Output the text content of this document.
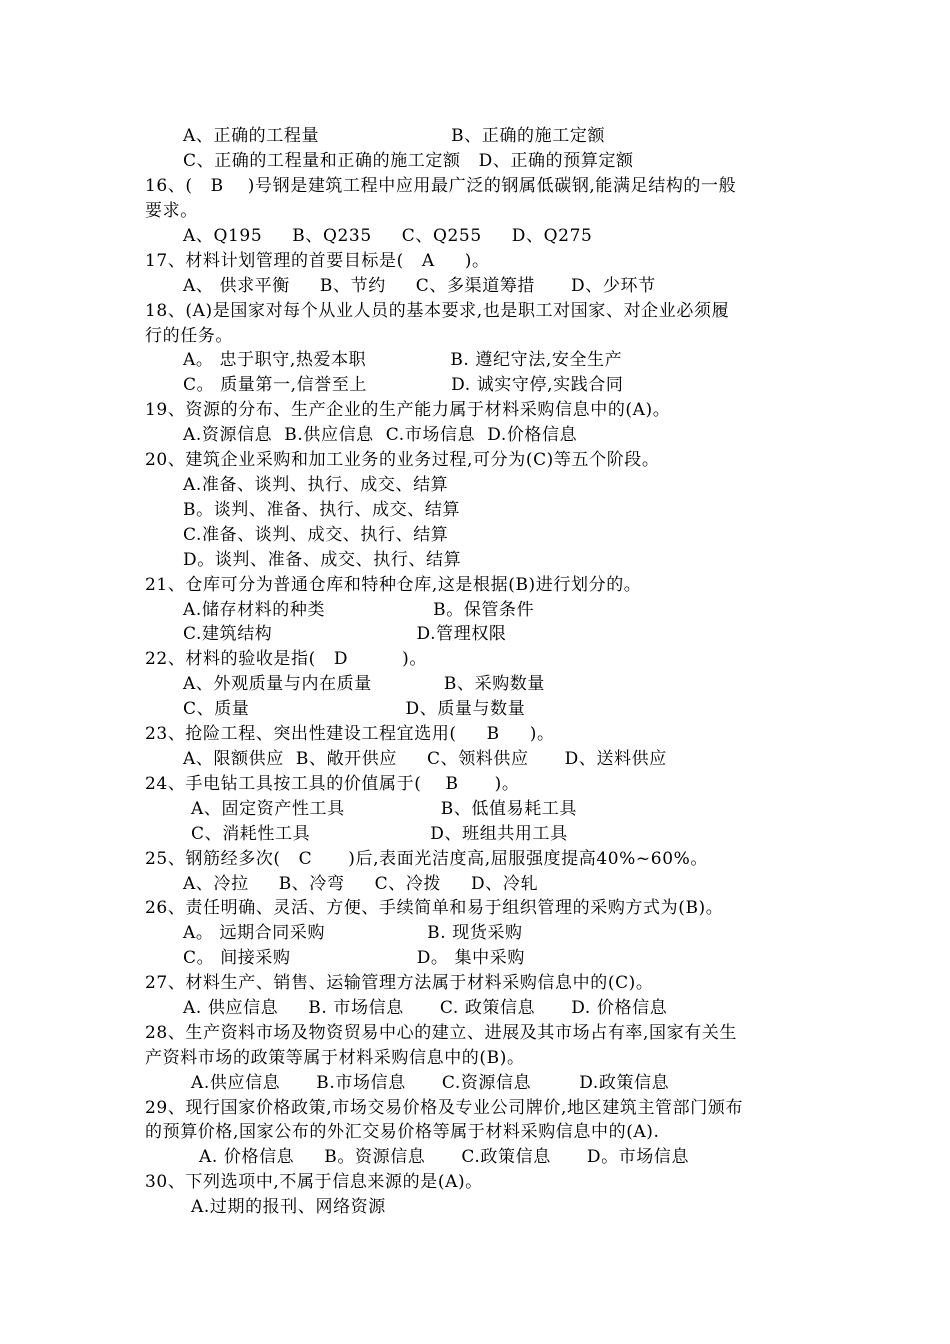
A、正确的工程量                      B、正确的施工定额
C、正确的工程量和正确的施工定额   D、正确的预算定额
16、(   B    )号钢是建筑工程中应用最广泛的钢属低碳钢,能满足结构的一般
要求。
A、Q195     B、Q235     C、Q255     D、Q275
17、材料计划管理的首要目标是(   A     )。
A、 供求平衡     B、节约     C、多渠道筹措      D、少环节
18、(A)是国家对每个从业人员的基本要求,也是职工对国家、对企业必须履
行的任务。
A。 忠于职守,热爱本职              B. 遵纪守法,安全生产
C。 质量第一,信誉至上              D. 诚实守停,实践合同
19、资源的分布、生产企业的生产能力属于材料采购信息中的(A)。
A.资源信息  B.供应信息  C.市场信息  D.价格信息
20、建筑企业采购和加工业务的业务过程,可分为(C)等五个阶段。
A.准备、谈判、执行、成交、结算
B。谈判、准备、执行、成交、结算
C.准备、谈判、成交、执行、结算
D。谈判、准备、成交、执行、结算
21、仓库可分为普通仓库和特种仓库,这是根据(B)进行划分的。
A.储存材料的种类                  B。保管条件
C.建筑结构                        D.管理权限
22、材料的验收是指(   D         )。
A、外观质量与内在质量            B、采购数量
C、质量                          D、质量与数量
23、抢险工程、突出性建设工程宜选用(     B     )。
A、限额供应  B、敞开供应     C、领料供应      D、送料供应
24、手电钻工具按工具的价值属于(    B      )。
A、固定资产性工具                B、低值易耗工具
C、消耗性工具                    D、班组共用工具
25、钢筋经多次(   C      )后,表面光洁度高,屈服强度提高40%~60%。
A、冷拉     B、冷弯     C、冷拨     D、冷轧
26、责任明确、灵活、方便、手续简单和易于组织管理的采购方式为(B)。
A。 远期合同采购                 B. 现货采购
C。 间接采购                     D。 集中采购
27、材料生产、销售、运输管理方法属于材料采购信息中的(C)。
A. 供应信息     B. 市场信息      C. 政策信息      D. 价格信息
28、生产资料市场及物资贸易中心的建立、进展及其市场占有率,国家有关生
产资料市场的政策等属于材料采购信息中的(B)。
A.供应信息      B.市场信息      C.资源信息        D.政策信息
29、现行国家价格政策,市场交易价格及专业公司牌价,地区建筑主管部门颁布
的预算价格,国家公布的外汇交易价格等属于材料采购信息中的(A).
A. 价格信息     B。资源信息      C.政策信息      D。市场信息
30、下列选项中,不属于信息来源的是(A)。
A.过期的报刊、网络资源
